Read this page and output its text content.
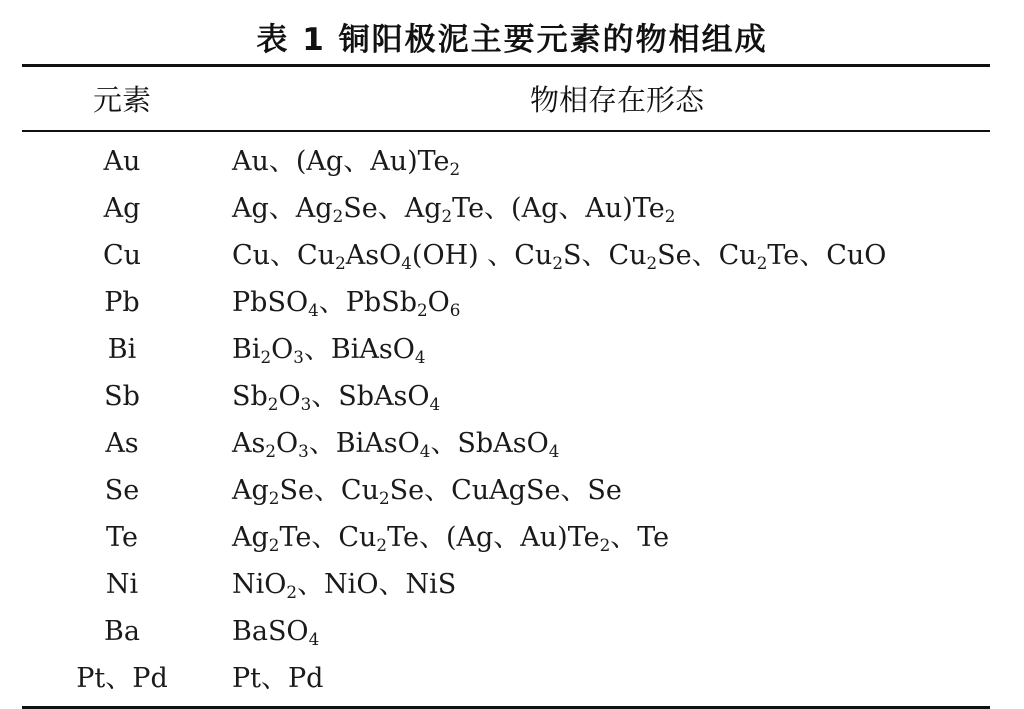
表 1 铜阳极泥主要元素的物相组成
元素	物相存在形态
Au	Au、(Ag、$Au)Te_2$
Ag	Ag、$Ag_2Se$、$Ag_2Te$、(Ag、$Au)Te_2$
Cu	Cu、$Cu_2AsO_4(OH)$ 、$Cu_2S$、$Cu_2Se$、$Cu_2Te$、CuO
Pb	PbSO$_4$、$PbSb_2O_6$
Bi	$Bi_2O_3$、BiAsO$_4$
Sb	$Sb_2O_3$、SbAsO$_4$
As	$As_2O_3$、BiAsO$_4$、SbAsO$_4$
Se	$Ag_2Se$、$Cu_2Se$、CuAgSe、Se
Te	$Ag_2Te$、$Cu_2Te$、(Ag、$Au)Te_2$、Te
Ni	NiO$_2$、NiO、NiS
Ba	BaSO$_4$
Pt、Pd	Pt、Pd
